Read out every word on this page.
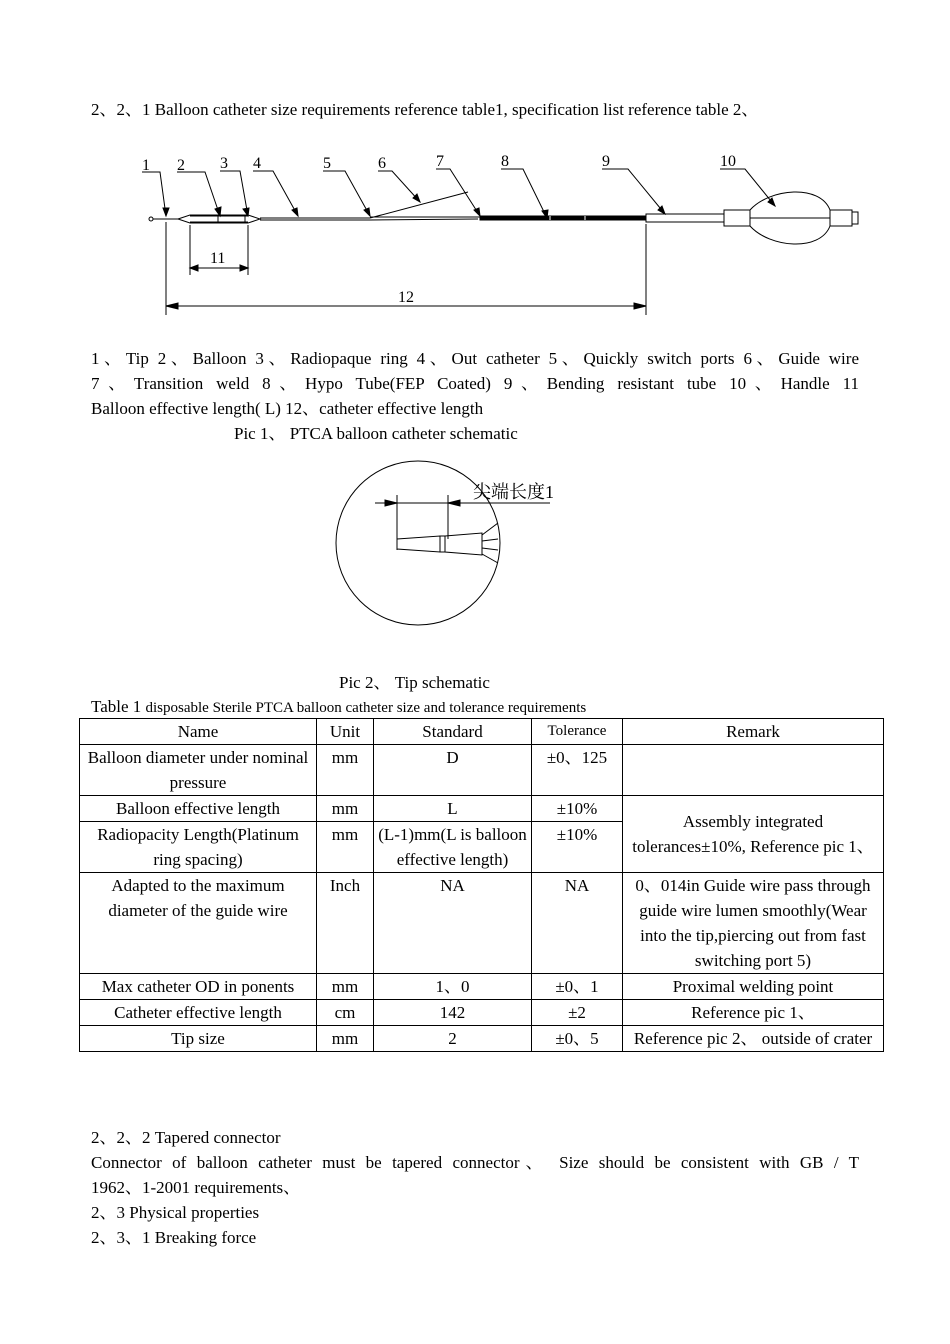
2、2、1 Balloon catheter size requirements reference table1, specification list reference table 2、
1 2 3 4	5	6	7	8	9	10
11
12
1、Tip 2、Balloon 3、Radiopaque ring 4、Out catheter 5、Quickly switch ports 6、Guide wire
7、Transition weld 8、Hypo Tube(FEP Coated) 9、Bending resistant tube 10、Handle 11
Balloon effective length( L) 12、catheter effective length
Pic 1、 PTCA balloon catheter schematic
尖端长度1
Pic 2、 Tip schematic
Table 1 disposable Sterile PTCA balloon catheter size and tolerance requirements
Name	Unit	Standard	Tolerance	Remark
Balloon diameter under nominal pressure	mm	D	±0、125	
Balloon effective length	mm	L	±10%	Assembly integrated tolerances±10%, Reference pic 1、
Radiopacity Length(Platinum ring spacing)	mm	(L-1)mm(L is balloon effective length)	±10%	
Adapted to the maximum diameter of the guide wire	Inch	NA	NA	0、014in Guide wire pass through guide wire lumen smoothly(Wear into the tip,piercing out from fast switching port 5)
Max catheter OD in ponents	mm	1、0	±0、1	Proximal welding point
Catheter effective length	cm	142	±2	Reference pic 1、
Tip size	mm	2	±0、5	Reference pic 2、 outside of crater
2、2、2 Tapered connector
Connector of balloon catheter must be tapered connector、 Size should be consistent with GB / T
1962、1-2001 requirements、
2、3 Physical properties
2、3、1 Breaking force
